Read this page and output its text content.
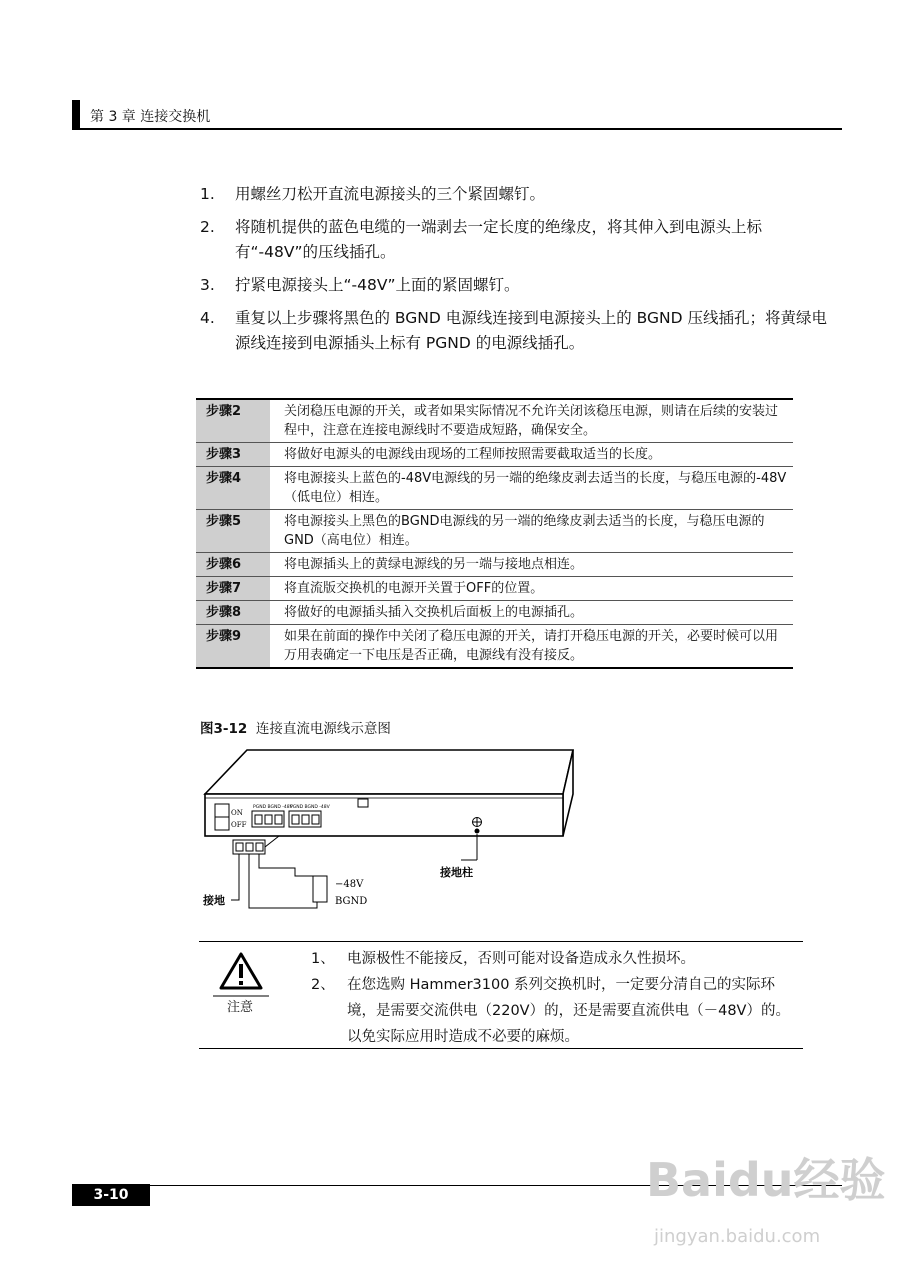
第 3 章 连接交换机
1. 用螺丝刀松开直流电源接头的三个紧固螺钉。
2. 将随机提供的蓝色电缆的一端剥去一定长度的绝缘皮，将其伸入到电源头上标有“-48V”的压线插孔。
3. 拧紧电源接头上“-48V”上面的紧固螺钉。
4. 重复以上步骤将黑色的 BGND 电源线连接到电源接头上的 BGND 压线插孔；将黄绿电源线连接到电源插头上标有 PGND 的电源线插孔。
步骤2	关闭稳压电源的开关，或者如果实际情况不允许关闭该稳压电源，则请在后续的安装过程中，注意在连接电源线时不要造成短路，确保安全。
步骤3	将做好电源头的电源线由现场的工程师按照需要截取适当的长度。
步骤4	将电源接头上蓝色的-48V电源线的另一端的绝缘皮剥去适当的长度，与稳压电源的-48V（低电位）相连。
步骤5	将电源接头上黑色的BGND电源线的另一端的绝缘皮剥去适当的长度，与稳压电源的GND（高电位）相连。
步骤6	将电源插头上的黄绿电源线的另一端与接地点相连。
步骤7	将直流版交换机的电源开关置于OFF的位置。
步骤8	将做好的电源插头插入交换机后面板上的电源插孔。
步骤9	如果在前面的操作中关闭了稳压电源的开关，请打开稳压电源的开关，必要时候可以用万用表确定一下电压是否正确，电源线有没有接反。
图3-12 连接直流电源线示意图
ON
OFF
PGND BGND -48V
PGND BGND -48V
接地柱
−48V
BGND
接地
注意
1、 电源极性不能接反，否则可能对设备造成永久性损坏。
2、 在您选购 Hammer3100 系列交换机时，一定要分清自己的实际环境，是需要交流供电（220V）的，还是需要直流供电（－48V）的。以免实际应用时造成不必要的麻烦。
3-10	Baidu经验
jingyan.baidu.com
